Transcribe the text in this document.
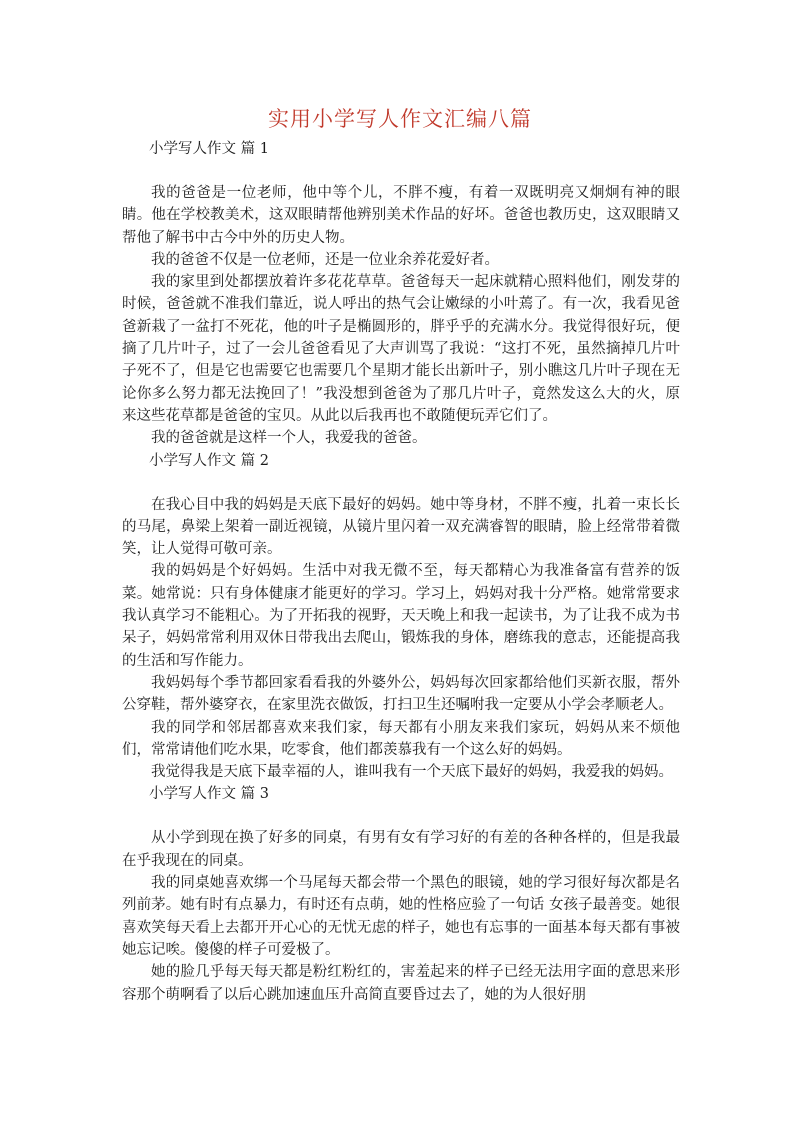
实用小学写人作文汇编八篇

小学写人作文 篇 1

我的爸爸是一位老师，他中等个儿，不胖不瘦，有着一双既明亮又炯炯有神的眼睛。他在学校教美术，这双眼睛帮他辨别美术作品的好坏。爸爸也教历史，这双眼睛又帮他了解书中古今中外的历史人物。

我的爸爸不仅是一位老师，还是一位业余养花爱好者。

我的家里到处都摆放着许多花花草草。爸爸每天一起床就精心照料他们，刚发芽的时候，爸爸就不准我们靠近，说人呼出的热气会让嫩绿的小叶蔫了。有一次，我看见爸爸新栽了一盆打不死花，他的叶子是椭圆形的，胖乎乎的充满水分。我觉得很好玩，便摘了几片叶子，过了一会儿爸爸看见了大声训骂了我说：“这打不死，虽然摘掉几片叶子死不了，但是它也需要它也需要几个星期才能长出新叶子，别小瞧这几片叶子现在无论你多么努力都无法挽回了！”我没想到爸爸为了那几片叶子，竟然发这么大的火，原来这些花草都是爸爸的宝贝。从此以后我再也不敢随便玩弄它们了。

我的爸爸就是这样一个人，我爱我的爸爸。

小学写人作文 篇 2

在我心目中我的妈妈是天底下最好的妈妈。她中等身材，不胖不瘦，扎着一束长长的马尾，鼻梁上架着一副近视镜，从镜片里闪着一双充满睿智的眼睛，脸上经常带着微笑，让人觉得可敬可亲。

我的妈妈是个好妈妈。生活中对我无微不至，每天都精心为我准备富有营养的饭菜。她常说：只有身体健康才能更好的学习。学习上，妈妈对我十分严格。她常常要求我认真学习不能粗心。为了开拓我的视野，天天晚上和我一起读书，为了让我不成为书呆子，妈妈常常利用双休日带我出去爬山，锻炼我的身体，磨练我的意志，还能提高我的生活和写作能力。

我妈妈每个季节都回家看看我的外婆外公，妈妈每次回家都给他们买新衣服，帮外公穿鞋，帮外婆穿衣，在家里洗衣做饭，打扫卫生还嘱咐我一定要从小学会孝顺老人。

我的同学和邻居都喜欢来我们家，每天都有小朋友来我们家玩，妈妈从来不烦他们，常常请他们吃水果，吃零食，他们都羡慕我有一个这么好的妈妈。

我觉得我是天底下最幸福的人，谁叫我有一个天底下最好的妈妈，我爱我的妈妈。

小学写人作文 篇 3

从小学到现在换了好多的同桌，有男有女有学习好的有差的各种各样的，但是我最在乎我现在的同桌。

我的同桌她喜欢绑一个马尾每天都会带一个黑色的眼镜，她的学习很好每次都是名列前茅。她有时有点暴力，有时还有点萌，她的性格应验了一句话 女孩子最善变。她很喜欢笑每天看上去都开开心心的无忧无虑的样子，她也有忘事的一面基本每天都有事被她忘记唉。傻傻的样子可爱极了。

她的脸几乎每天每天都是粉红粉红的，害羞起来的样子已经无法用字面的意思来形容那个萌啊看了以后心跳加速血压升高简直要昏过去了，她的为人很好朋
